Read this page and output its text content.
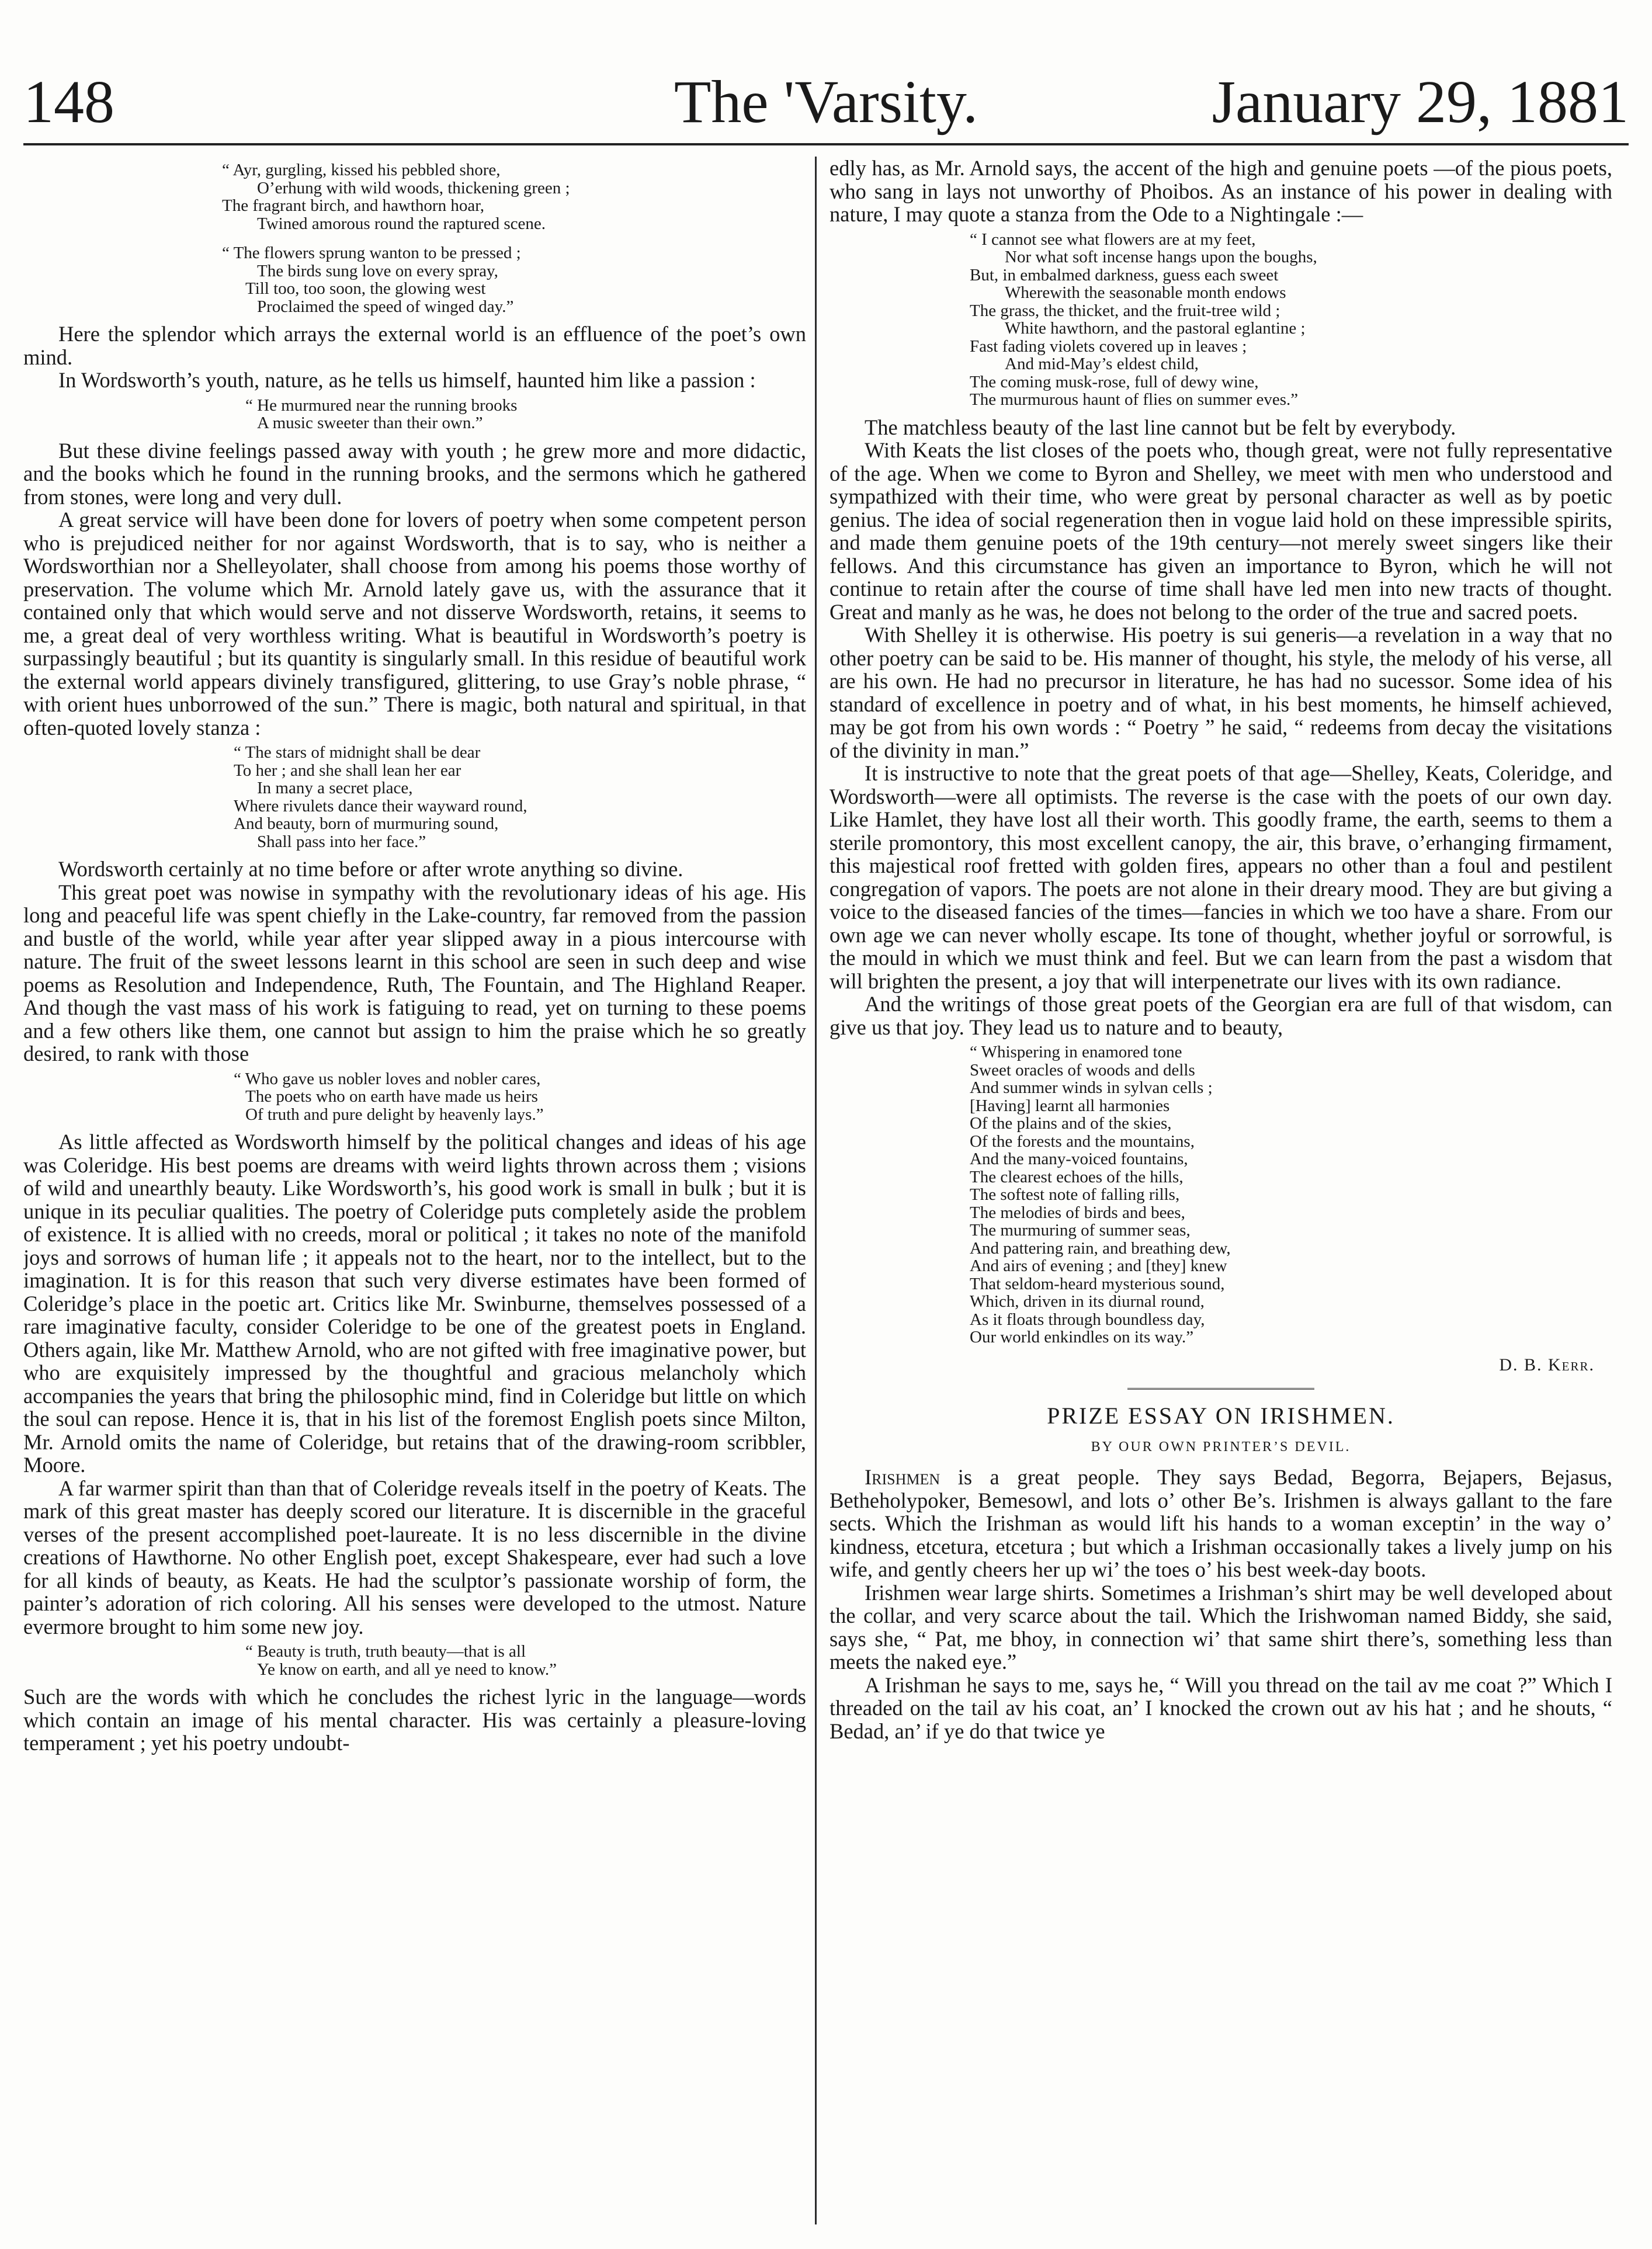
148	The 'Varsity.	January 29, 1881
“ Ayr, gurgling, kissed his pebbled shore,
O’erhung with wild woods, thickening green ;
The fragrant birch, and hawthorn hoar,
Twined amorous round the raptured scene.
“ The flowers sprung wanton to be pressed ;
The birds sung love on every spray,
Till too, too soon, the glowing west
Proclaimed the speed of winged day.”

Here the splendor which arrays the external world is an effluence of the poet’s own mind.

In Wordsworth’s youth, nature, as he tells us himself, haunted him like a passion :

“ He murmured near the running brooks
A music sweeter than their own.”

But these divine feelings passed away with youth ; he grew more and more didactic, and the books which he found in the running brooks, and the sermons which he gathered from stones, were long and very dull.

A great service will have been done for lovers of poetry when some competent person who is prejudiced neither for nor against Wordsworth, that is to say, who is neither a Wordsworthian nor a Shelleyolater, shall choose from among his poems those worthy of preservation. The volume which Mr. Arnold lately gave us, with the assurance that it contained only that which would serve and not disserve Wordsworth, retains, it seems to me, a great deal of very worthless writing. What is beautiful in Wordsworth’s poetry is surpassingly beautiful ; but its quantity is singularly small. In this residue of beautiful work the external world appears divinely transfigured, glittering, to use Gray’s noble phrase, “ with orient hues unborrowed of the sun.” There is magic, both natural and spiritual, in that often-quoted lovely stanza :

“ The stars of midnight shall be dear
To her ; and she shall lean her ear
In many a secret place,
Where rivulets dance their wayward round,
And beauty, born of murmuring sound,
Shall pass into her face.”

Wordsworth certainly at no time before or after wrote anything so divine.

This great poet was nowise in sympathy with the revolutionary ideas of his age. His long and peaceful life was spent chiefly in the Lake-country, far removed from the passion and bustle of the world, while year after year slipped away in a pious intercourse with nature. The fruit of the sweet lessons learnt in this school are seen in such deep and wise poems as Resolution and Independence, Ruth, The Fountain, and The Highland Reaper. And though the vast mass of his work is fatiguing to read, yet on turning to these poems and a few others like them, one cannot but assign to him the praise which he so greatly desired, to rank with those

“ Who gave us nobler loves and nobler cares,
The poets who on earth have made us heirs
Of truth and pure delight by heavenly lays.”

As little affected as Wordsworth himself by the political changes and ideas of his age was Coleridge. His best poems are dreams with weird lights thrown across them ; visions of wild and unearthly beauty. Like Wordsworth’s, his good work is small in bulk ; but it is unique in its peculiar qualities. The poetry of Coleridge puts completely aside the problem of existence. It is allied with no creeds, moral or political ; it takes no note of the manifold joys and sorrows of human life ; it appeals not to the heart, nor to the intellect, but to the imagination. It is for this reason that such very diverse estimates have been formed of Coleridge’s place in the poetic art. Critics like Mr. Swinburne, themselves possessed of a rare imaginative faculty, consider Coleridge to be one of the greatest poets in England. Others again, like Mr. Matthew Arnold, who are not gifted with free imaginative power, but who are exquisitely impressed by the thoughtful and gracious melancholy which accompanies the years that bring the philosophic mind, find in Coleridge but little on which the soul can repose. Hence it is, that in his list of the foremost English poets since Milton, Mr. Arnold omits the name of Coleridge, but retains that of the drawing-room scribbler, Moore.

A far warmer spirit than than that of Coleridge reveals itself in the poetry of Keats. The mark of this great master has deeply scored our literature. It is discernible in the graceful verses of the present accomplished poet-laureate. It is no less discernible in the divine creations of Hawthorne. No other English poet, except Shakespeare, ever had such a love for all kinds of beauty, as Keats. He had the sculptor’s passionate worship of form, the painter’s adoration of rich coloring. All his senses were developed to the utmost. Nature evermore brought to him some new joy.

“ Beauty is truth, truth beauty—that is all
Ye know on earth, and all ye need to know.”

Such are the words with which he concludes the richest lyric in the language—words which contain an image of his mental character. His was certainly a pleasure-loving temperament ; yet his poetry undoubt-

edly has, as Mr. Arnold says, the accent of the high and genuine poets —of the pious poets, who sang in lays not unworthy of Phoibos. As an instance of his power in dealing with nature, I may quote a stanza from the Ode to a Nightingale :—

“ I cannot see what flowers are at my feet,
Nor what soft incense hangs upon the boughs,
But, in embalmed darkness, guess each sweet
Wherewith the seasonable month endows
The grass, the thicket, and the fruit-tree wild ;
White hawthorn, and the pastoral eglantine ;
Fast fading violets covered up in leaves ;
And mid-May’s eldest child,
The coming musk-rose, full of dewy wine,
The murmurous haunt of flies on summer eves.”

The matchless beauty of the last line cannot but be felt by everybody.

With Keats the list closes of the poets who, though great, were not fully representative of the age. When we come to Byron and Shelley, we meet with men who understood and sympathized with their time, who were great by personal character as well as by poetic genius. The idea of social regeneration then in vogue laid hold on these impressible spirits, and made them genuine poets of the 19th century—not merely sweet singers like their fellows. And this circumstance has given an importance to Byron, which he will not continue to retain after the course of time shall have led men into new tracts of thought. Great and manly as he was, he does not belong to the order of the true and sacred poets.

With Shelley it is otherwise. His poetry is sui generis—a revelation in a way that no other poetry can be said to be. His manner of thought, his style, the melody of his verse, all are his own. He had no precursor in literature, he has had no sucessor. Some idea of his standard of excellence in poetry and of what, in his best moments, he himself achieved, may be got from his own words : “ Poetry ” he said, “ redeems from decay the visitations of the divinity in man.”

It is instructive to note that the great poets of that age—Shelley, Keats, Coleridge, and Wordsworth—were all optimists. The reverse is the case with the poets of our own day. Like Hamlet, they have lost all their worth. This goodly frame, the earth, seems to them a sterile promontory, this most excellent canopy, the air, this brave, o’erhanging firmament, this majestical roof fretted with golden fires, appears no other than a foul and pestilent congregation of vapors. The poets are not alone in their dreary mood. They are but giving a voice to the diseased fancies of the times—fancies in which we too have a share. From our own age we can never wholly escape. Its tone of thought, whether joyful or sorrowful, is the mould in which we must think and feel. But we can learn from the past a wisdom that will brighten the present, a joy that will interpenetrate our lives with its own radiance.

And the writings of those great poets of the Georgian era are full of that wisdom, can give us that joy. They lead us to nature and to beauty,

“ Whispering in enamored tone
Sweet oracles of woods and dells
And summer winds in sylvan cells ;
[Having] learnt all harmonies
Of the plains and of the skies,
Of the forests and the mountains,
And the many-voiced fountains,
The clearest echoes of the hills,
The softest note of falling rills,
The melodies of birds and bees,
The murmuring of summer seas,
And pattering rain, and breathing dew,
And airs of evening ; and [they] knew
That seldom-heard mysterious sound,
Which, driven in its diurnal round,
As it floats through boundless day,
Our world enkindles on its way.”
D. B. Kerr.
PRIZE ESSAY ON IRISHMEN.
BY OUR OWN PRINTER’S DEVIL.

Irishmen is a great people. They says Bedad, Begorra, Bejapers, Bejasus, Betheholypoker, Bemesowl, and lots o’ other Be’s. Irishmen is always gallant to the fare sects. Which the Irishman as would lift his hands to a woman exceptin’ in the way o’ kindness, etcetura, etcetura ; but which a Irishman occasionally takes a lively jump on his wife, and gently cheers her up wi’ the toes o’ his best week-day boots.

Irishmen wear large shirts. Sometimes a Irishman’s shirt may be well developed about the collar, and very scarce about the tail. Which the Irishwoman named Biddy, she said, says she, “ Pat, me bhoy, in connection wi’ that same shirt there’s, something less than meets the naked eye.”

A Irishman he says to me, says he, “ Will you thread on the tail av me coat ?” Which I threaded on the tail av his coat, an’ I knocked the crown out av his hat ; and he shouts, “ Bedad, an’ if ye do that twice ye
